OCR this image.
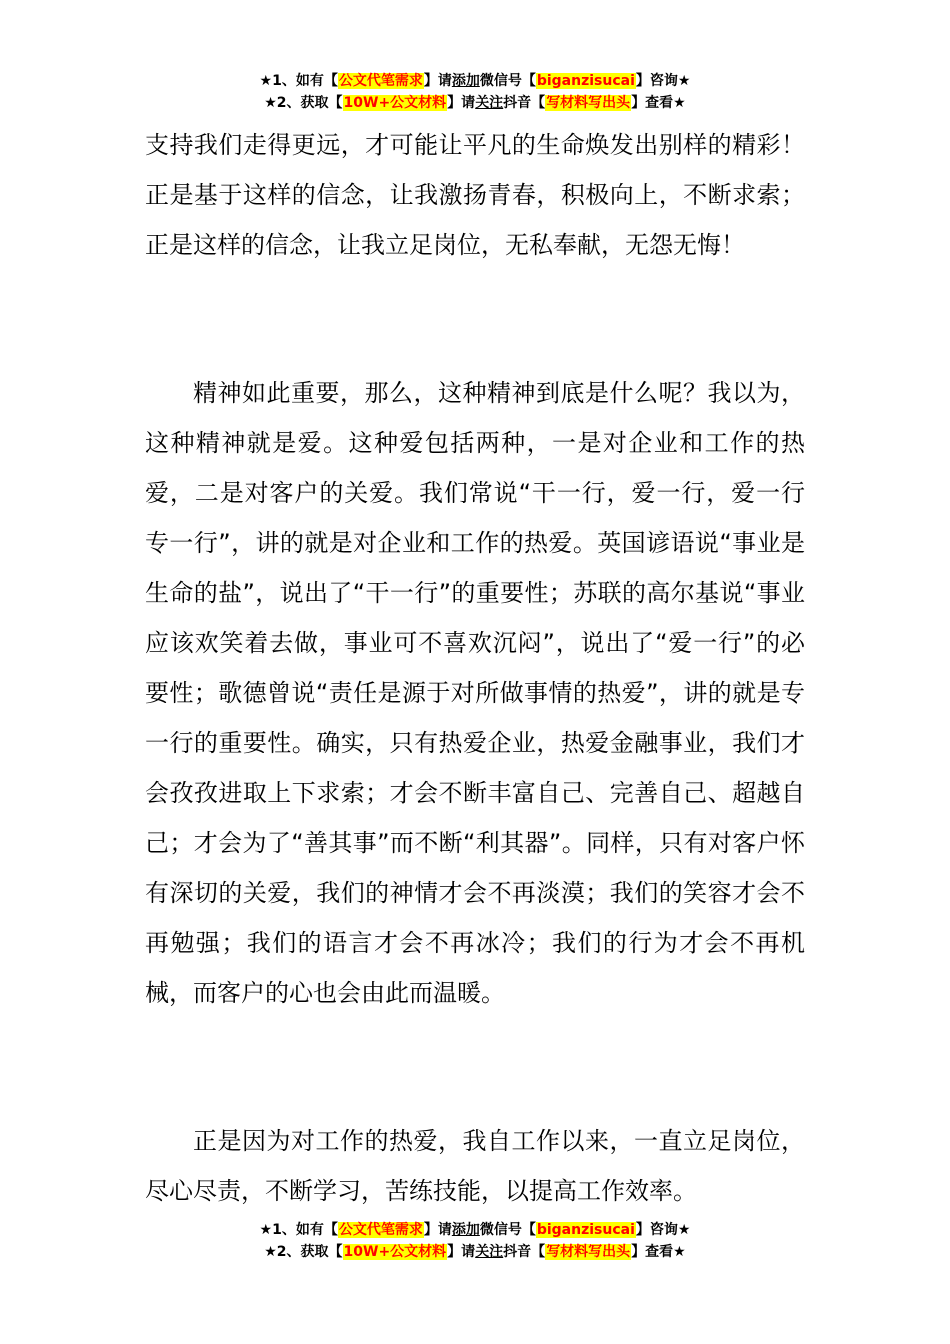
★1、如有【公文代笔需求】请添加微信号【biganzisucai】咨询★
★2、获取【10W+公文材料】请关注抖音【写材料写出头】查看★

支持我们走得更远，才可能让平凡的生命焕发出别样的精彩！正是基于这样的信念，让我激扬青春，积极向上，不断求索；正是这样的信念，让我立足岗位，无私奉献，无怨无悔！

精神如此重要，那么，这种精神到底是什么呢？我以为，这种精神就是爱。这种爱包括两种，一是对企业和工作的热爱，二是对客户的关爱。我们常说“干一行，爱一行，爱一行专一行”，讲的就是对企业和工作的热爱。英国谚语说“事业是生命的盐”，说出了“干一行”的重要性；苏联的高尔基说“事业应该欢笑着去做，事业可不喜欢沉闷”，说出了“爱一行”的必要性；歌德曾说“责任是源于对所做事情的热爱”，讲的就是专一行的重要性。确实，只有热爱企业，热爱金融事业，我们才会孜孜进取上下求索；才会不断丰富自己、完善自己、超越自己；才会为了“善其事”而不断“利其器”。同样，只有对客户怀有深切的关爱，我们的神情才会不再淡漠；我们的笑容才会不再勉强；我们的语言才会不再冰冷；我们的行为才会不再机械，而客户的心也会由此而温暖。

正是因为对工作的热爱，我自工作以来，一直立足岗位，尽心尽责，不断学习，苦练技能，以提高工作效率。

★1、如有【公文代笔需求】请添加微信号【biganzisucai】咨询★
★2、获取【10W+公文材料】请关注抖音【写材料写出头】查看★
